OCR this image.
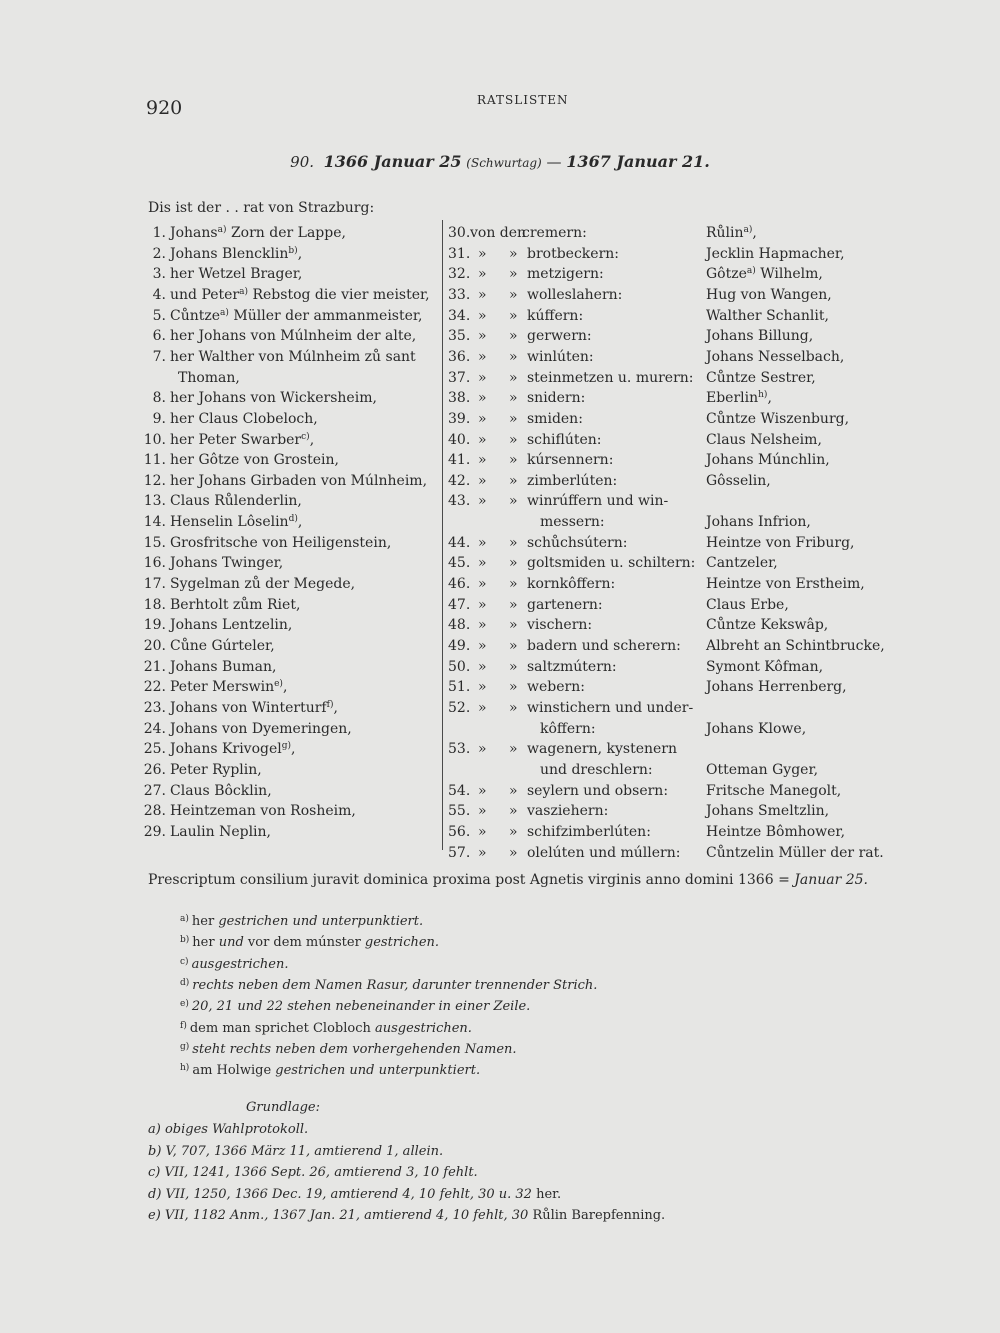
920	RATSLISTEN
90. 1366 Januar 25 (Schwurtag) — 1367 Januar 21.
Dis ist der . . rat von Strazburg:
1. Johans$^{a)}$ Zorn der Lappe,
2. Johans Blencklin$^{b)}$,
3. her Wetzel Brager,
4. und Peter$^{a)}$ Rebstog die vier meister,
5. Cůntze$^{a)}$ Müller der ammanmeister,
6. her Johans von Múlnheim der alte,
7. her Walther von Múlnheim zů sant
Thoman,
8. her Johans von Wickersheim,
9. her Claus Clobeloch,
10. her Peter Swarber$^{c)}$,
11. her Gôtze von Grostein,
12. her Johans Girbaden von Múlnheim,
13. Claus Růlenderlin,
14. Henselin Lôselin$^{d)}$,
15. Grosfritsche von Heiligenstein,
16. Johans Twinger,
17. Sygelman zů der Megede,
18. Berhtolt zům Riet,
19. Johans Lentzelin,
20. Cůne Gúrteler,
21. Johans Buman,
22. Peter Merswin$^{e)}$,
23. Johans von Winterturf$^{f)}$,
24. Johans von Dyemeringen,
25. Johans Krivogel$^{g)}$,
26. Peter Ryplin,
27. Claus Bôcklin,
28. Heintzeman von Rosheim,
29. Laulin Neplin,
30. von den
cremern:	Růlin$^{a)}$,
31. » » brotbeckern:	Jecklin Hapmacher,
32. » » metzigern:	Gôtze$^{a)}$ Wilhelm,
33. » » wolleslahern:	Hug von Wangen,
34. » » kúffern:	Walther Schanlit,
35. » » gerwern:	Johans Billung,
36. » » winlúten:	Johans Nesselbach,
37. » » steinmetzen u. murern: Cůntze Sestrer,
38. » » snidern:	Eberlin$^{h)}$,
39. » » smiden:	Cůntze Wiszenburg,
40. » » schiflúten:	Claus Nelsheim,
41. » » kúrsennern:	Johans Múnchlin,
42. » » zimberlúten:	Gôsselin,
43. » » winrúffern und win-
messern:	Johans Infrion,
44. » » schůchsútern:	Heintze von Friburg,
45. » » goltsmiden u. schiltern: Cantzeler,
46. » » kornkôffern:	Heintze von Erstheim,
47. » » gartenern:	Claus Erbe,
48. » » vischern:	Cůntze Kekswâp,
49. » » badern und scherern: Albreht an Schintbrucke,
50. » » saltzmútern:	Symont Kôfman,
51. » » webern:	Johans Herrenberg,
52. » » winstichern und under-
kôffern:	Johans Klowe,
53. » » wagenern, kystenern
und dreschlern:	Otteman Gyger,
54. » » seylern und obsern:	Fritsche Manegolt,
55. » » vasziehern:	Johans Smeltzlin,
56. » » schifzimberlúten:	Heintze Bômhower,
57. » » olelúten und múllern: Cůntzelin Müller der rat.
Prescriptum consilium juravit dominica proxima post Agnetis virginis anno domini 1366 = Januar 25.
$^{a)}$ her gestrichen und unterpunktiert.
$^{b)}$ her und vor dem múnster gestrichen.
$^{c)}$ ausgestrichen.
$^{d)}$ rechts neben dem Namen Rasur, darunter trennender Strich.
$^{e)}$ 20, 21 und 22 stehen nebeneinander in einer Zeile.
$^{f)}$ dem man sprichet Clobloch ausgestrichen.
$^{g)}$ steht rechts neben dem vorhergehenden Namen.
$^{h)}$ am Holwige gestrichen und unterpunktiert.
Grundlage:
a) obiges Wahlprotokoll.
b) V, 707, 1366 März 11, amtierend 1, allein.
c) VII, 1241, 1366 Sept. 26, amtierend 3, 10 fehlt.
d) VII, 1250, 1366 Dec. 19, amtierend 4, 10 fehlt, 30 u. 32 her.
e) VII, 1182 Anm., 1367 Jan. 21, amtierend 4, 10 fehlt, 30 Růlin Barepfenning.
